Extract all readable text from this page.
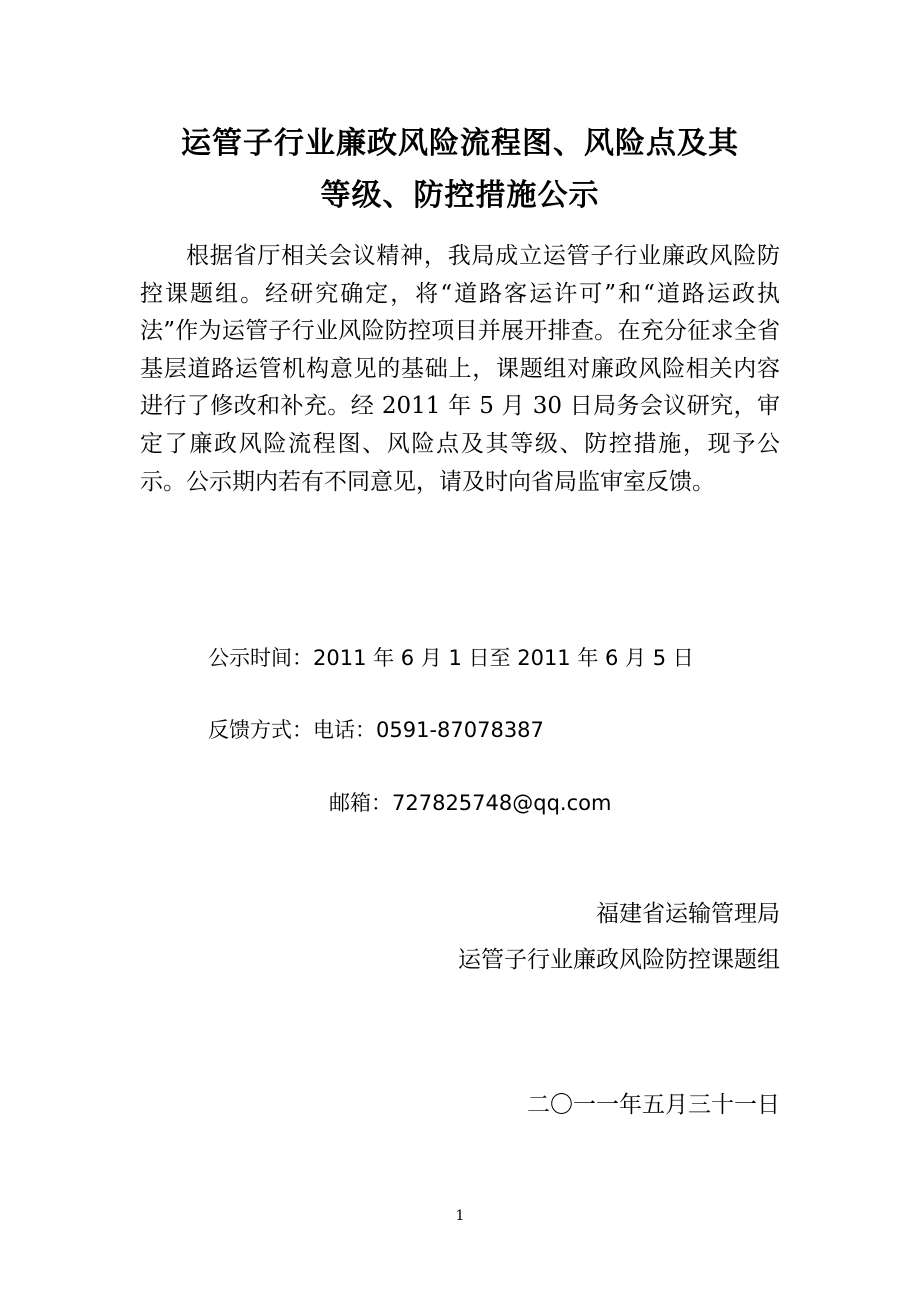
运管子行业廉政风险流程图、风险点及其
等级、防控措施公示

根据省厅相关会议精神，我局成立运管子行业廉政风险防控课题组。经研究确定，将“道路客运许可”和“道路运政执法”作为运管子行业风险防控项目并展开排查。在充分征求全省基层道路运管机构意见的基础上，课题组对廉政风险相关内容进行了修改和补充。经 2011 年 5 月 30 日局务会议研究，审定了廉政风险流程图、风险点及其等级、防控措施，现予公示。公示期内若有不同意见，请及时向省局监审室反馈。

公示时间：2011 年 6 月 1 日至 2011 年 6 月 5 日
反馈方式：电话：0591-87078387
邮箱：727825748@qq.com
福建省运输管理局
运管子行业廉政风险防控课题组
二〇一一年五月三十一日
1
